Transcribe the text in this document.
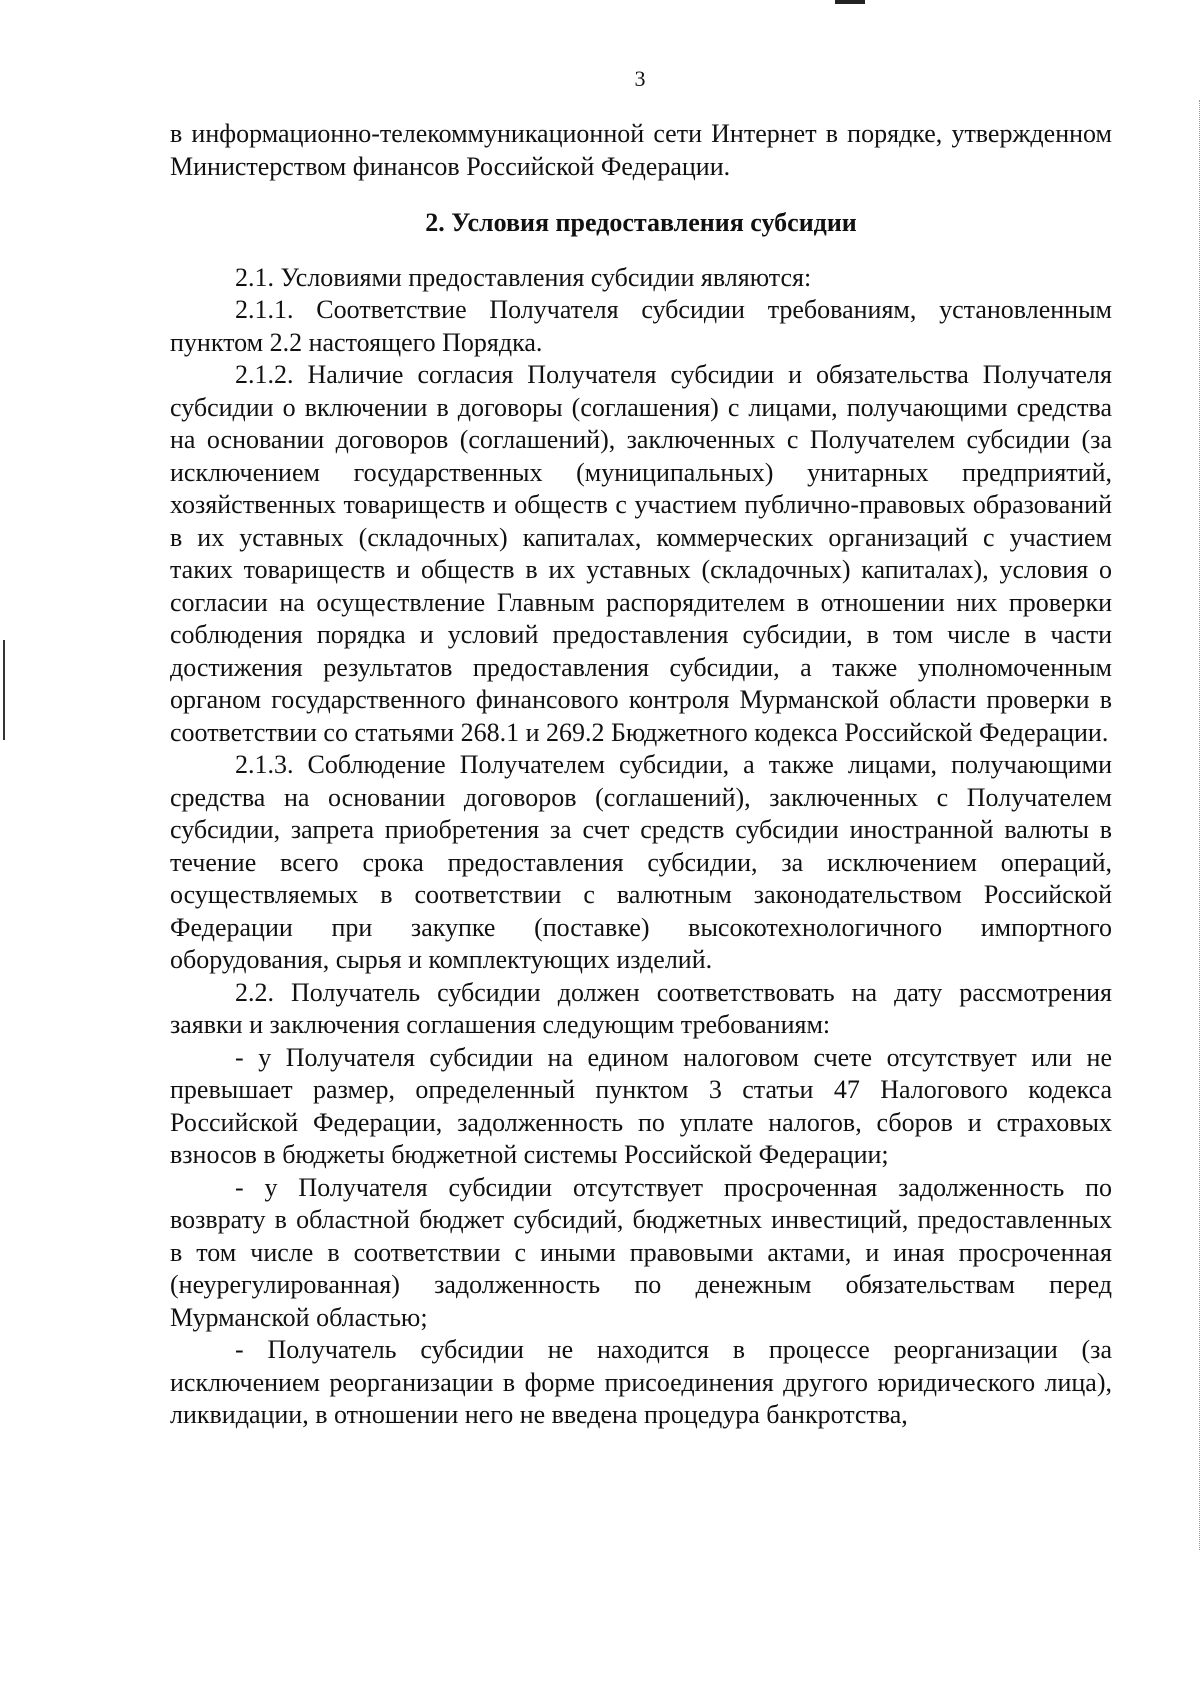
3

в информационно-телекоммуникационной сети Интернет в порядке, утвержденном Министерством финансов Российской Федерации.

2. Условия предоставления субсидии

2.1. Условиями предоставления субсидии являются:

2.1.1. Соответствие Получателя субсидии требованиям, установленным пунктом 2.2 настоящего Порядка.

2.1.2. Наличие согласия Получателя субсидии и обязательства Получателя субсидии о включении в договоры (соглашения) с лицами, получающими средства на основании договоров (соглашений), заключенных с Получателем субсидии (за исключением государственных (муниципальных) унитарных предприятий, хозяйственных товариществ и обществ с участием публично-правовых образований в их уставных (складочных) капиталах, коммерческих организаций с участием таких товариществ и обществ в их уставных (складочных) капиталах), условия о согласии на осуществление Главным распорядителем в отношении них проверки соблюдения порядка и условий предоставления субсидии, в том числе в части достижения результатов предоставления субсидии, а также уполномоченным органом государственного финансового контроля Мурманской области проверки в соответствии со статьями 268.1 и 269.2 Бюджетного кодекса Российской Федерации.

2.1.3. Соблюдение Получателем субсидии, а также лицами, получающими средства на основании договоров (соглашений), заключенных с Получателем субсидии, запрета приобретения за счет средств субсидии иностранной валюты в течение всего срока предоставления субсидии, за исключением операций, осуществляемых в соответствии с валютным законодательством Российской Федерации при закупке (поставке) высокотехнологичного импортного оборудования, сырья и комплектующих изделий.

2.2. Получатель субсидии должен соответствовать на дату рассмотрения заявки и заключения соглашения следующим требованиям:

- у Получателя субсидии на едином налоговом счете отсутствует или не превышает размер, определенный пунктом 3 статьи 47 Налогового кодекса Российской Федерации, задолженность по уплате налогов, сборов и страховых взносов в бюджеты бюджетной системы Российской Федерации;

- у Получателя субсидии отсутствует просроченная задолженность по возврату в областной бюджет субсидий, бюджетных инвестиций, предоставленных в том числе в соответствии с иными правовыми актами, и иная просроченная (неурегулированная) задолженность по денежным обязательствам перед Мурманской областью;

- Получатель субсидии не находится в процессе реорганизации (за исключением реорганизации в форме присоединения другого юридического лица), ликвидации, в отношении него не введена процедура банкротства,
